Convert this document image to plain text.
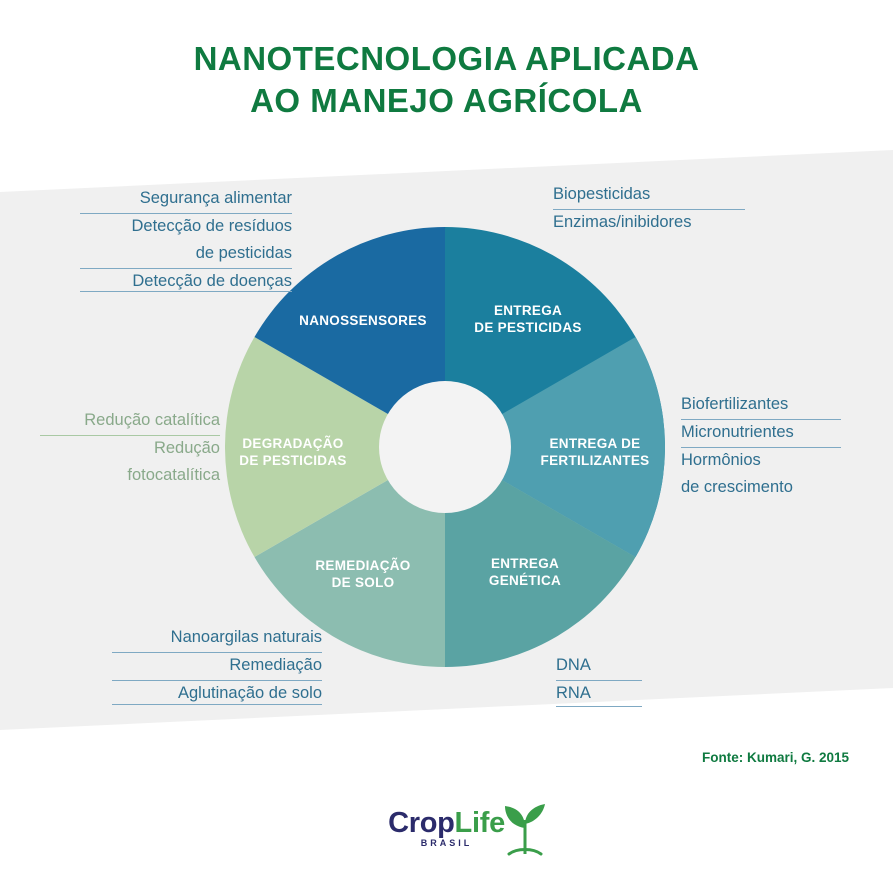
NANOTECNOLOGIA APLICADA
AO MANEJO AGRÍCOLA
NANOSSENSORES
ENTREGA
DE PESTICIDAS
ENTREGA DE
FERTILIZANTES
ENTREGA
GENÉTICA
REMEDIAÇÃO
DE SOLO
DEGRADAÇÃO
DE PESTICIDAS
Segurança alimentar
Detecção de resíduos
de pesticidas
Detecção de doenças
Biopesticidas
Enzimas/inibidores
Biofertilizantes
Micronutrientes
Hormônios
de crescimento
DNA
RNA
Nanoargilas naturais
Remediação
Aglutinação de solo
Redução catalítica
Redução
fotocatalítica
Fonte: Kumari, G. 2015
CropLife
BRASIL
